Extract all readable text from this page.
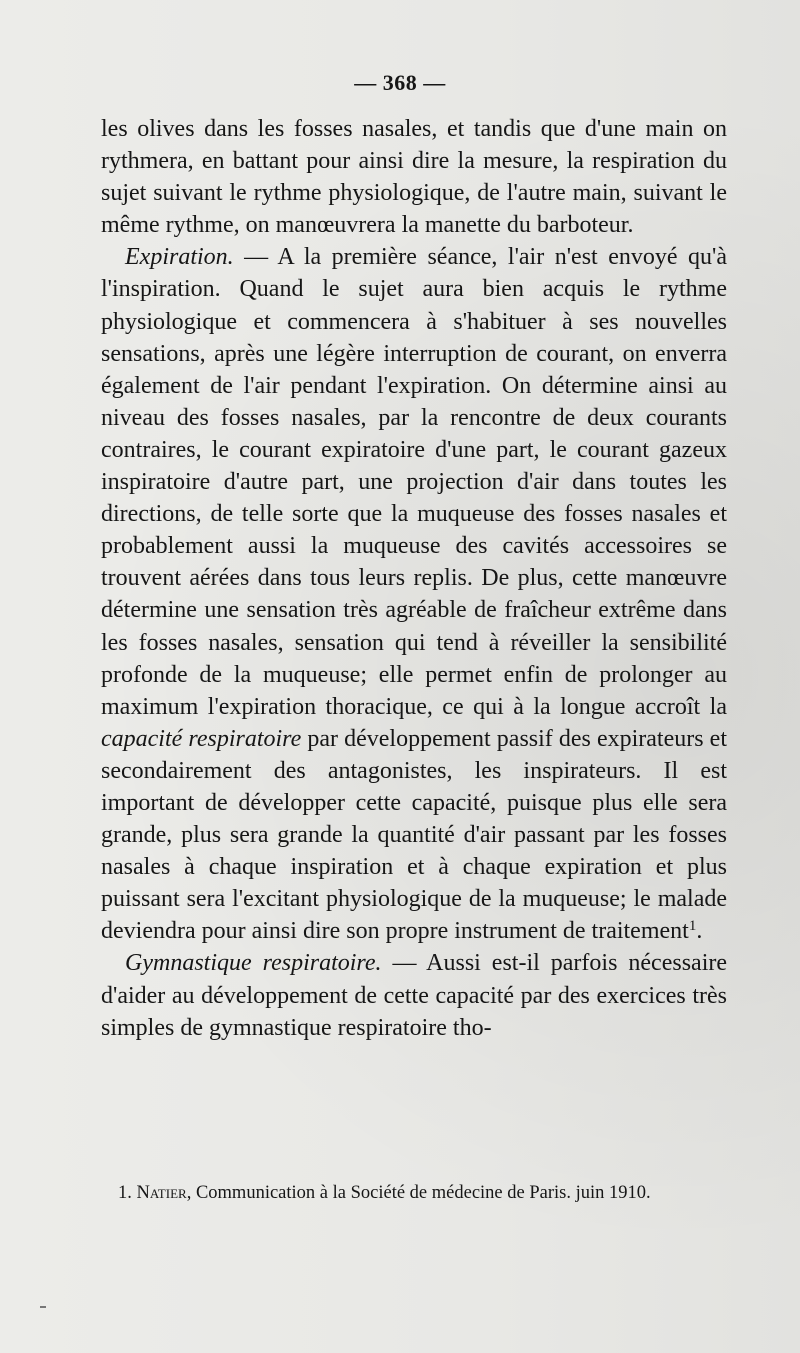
— 368 —

les olives dans les fosses nasales, et tandis que d'une main on rythmera, en battant pour ainsi dire la mesure, la respiration du sujet suivant le rythme physiologique, de l'autre main, suivant le même rythme, on manœuvrera la manette du barboteur.

Expiration. — A la première séance, l'air n'est envoyé qu'à l'inspiration. Quand le sujet aura bien acquis le rythme physiologique et commencera à s'habituer à ses nouvelles sensations, après une légère interruption de courant, on enverra également de l'air pendant l'expiration. On détermine ainsi au niveau des fosses nasales, par la rencontre de deux courants contraires, le courant expiratoire d'une part, le courant gazeux inspiratoire d'autre part, une projection d'air dans toutes les directions, de telle sorte que la muqueuse des fosses nasales et probablement aussi la muqueuse des cavités accessoires se trouvent aérées dans tous leurs replis. De plus, cette manœuvre détermine une sensation très agréable de fraîcheur extrême dans les fosses nasales, sensation qui tend à réveiller la sensibilité profonde de la muqueuse; elle permet enfin de prolonger au maximum l'expiration thoracique, ce qui à la longue accroît la capacité respiratoire par développement passif des expirateurs et secondairement des antagonistes, les inspirateurs. Il est important de développer cette capacité, puisque plus elle sera grande, plus sera grande la quantité d'air passant par les fosses nasales à chaque inspiration et à chaque expiration et plus puissant sera l'excitant physiologique de la muqueuse; le malade deviendra pour ainsi dire son propre instrument de traitement$^1$.

Gymnastique respiratoire. — Aussi est-il parfois nécessaire d'aider au développement de cette capacité par des exercices très simples de gymnastique respiratoire tho-

1. Natier, Communication à la Société de médecine de Paris. juin 1910.
